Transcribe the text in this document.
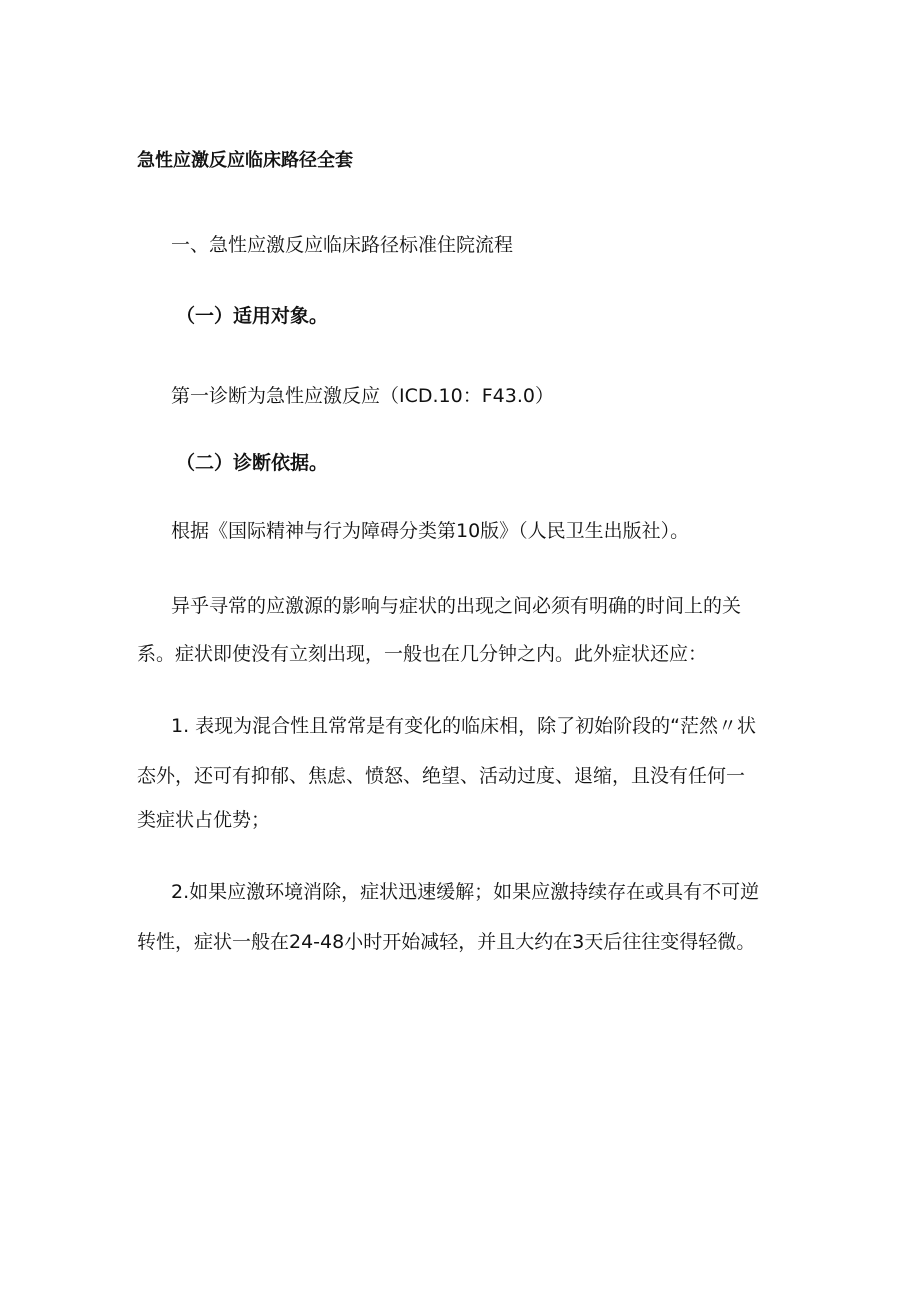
急性应激反应临床路径全套
一、急性应激反应临床路径标准住院流程
（一）适用对象。
第一诊断为急性应激反应（ICD.10：F43.0）
（二）诊断依据。
根据《国际精神与行为障碍分类第10版》（人民卫生出版社）。
异乎寻常的应激源的影响与症状的出现之间必须有明确的时间上的关
系。症状即使没有立刻出现，一般也在几分钟之内。此外症状还应：
1. 表现为混合性且常常是有变化的临床相，除了初始阶段的“茫然〃状
态外，还可有抑郁、焦虑、愤怒、绝望、活动过度、退缩，且没有任何一
类症状占优势；
2.如果应激环境消除，症状迅速缓解；如果应激持续存在或具有不可逆
转性，症状一般在24-48小时开始减轻，并且大约在3天后往往变得轻微。
